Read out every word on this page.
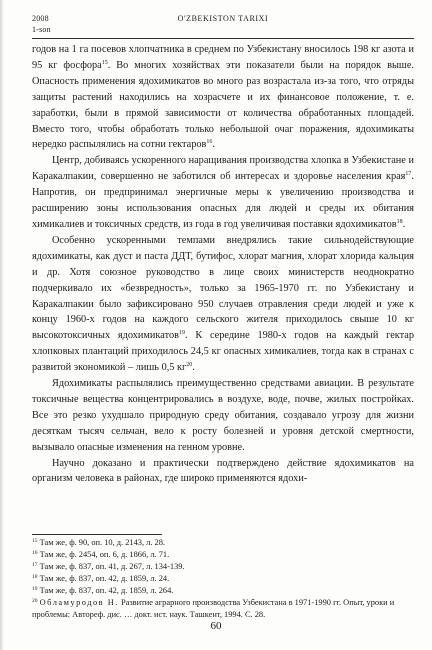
2008
1-son
O'ZBEKISTON TARIXI

годов на 1 га посевов хлопчатника в среднем по Узбекистану вносилось 198 кг азота и 95 кг фосфора$^{15}$. Во многих хозяйствах эти показатели были на порядок выше. Опасность применения ядохимикатов во много раз возрастала из-за того, что отряды защиты растений находились на хозрасчете и их финансовое положение, т. е. заработки, были в прямой зависимости от количества обработанных площадей. Вместо того, чтобы обработать только небольшой очаг поражения, ядохимикаты нередко распылялись на сотни гектаров$^{16}$.

Центр, добиваясь ускоренного наращивания производства хлопка в Узбекистане и Каракалпакии, совершенно не заботился об интересах и здоровье населения края$^{17}$. Напротив, он предпринимал энергичные меры к увеличению производства и расширению зоны использования опасных для людей и среды их обитания химикалиев и токсичных средств, из года в год увеличивая поставки ядохимикатов$^{18}$.

Особенно ускоренными темпами внедрялись такие сильнодействующие ядохимикаты, как дуст и паста ДДТ, бутифос, хлорат магния, хлорат хлорида кальция и др. Хотя союзное руководство в лице своих министерств неоднократно подчеркивало их «безвредность», только за 1965-1970 гг. по Узбекистану и Каракалпакии было зафиксировано 950 случаев отравления среди людей и уже к концу 1960-х годов на каждого сельского жителя приходилось свыше 10 кг высокотоксичных ядохимикатов$^{19}$. К середине 1980-х годов на каждый гектар хлопковых плантаций приходилось 24,5 кг опасных химикалиев, тогда как в странах с развитой экономикой – лишь 0,5 $кг^{20}$.

Ядохимикаты распылялись преимущественно средствами авиации. В результате токсичные вещества концентрировались в воздухе, воде, почве, жилых постройках. Все это резко ухудшало природную среду обитания, создавало угрозу для жизни десяткам тысяч сельчан, вело к росту болезней и уровня детской смертности, вызывало опасные изменения на генном уровне.

Научно доказано и практически подтверждено действие ядохимикатов на организм человека в районах, где широко применяются ядохи-

$^{15}$ Там же, ф. 90, оп. 10, д. 2143, л. 28.
$^{16}$ Там же, ф. 2454, оп. 6, д. 1866, л. 71.
$^{17}$ Там же, ф. 837, оп. 41, д. 267, л. 134-139.
$^{18}$ Там же, ф. 837, оп. 42, д. 1859, л. 24.
$^{19}$ Там же, ф. 837, оп. 42, д. 1859, л. 264.
$^{20}$ Обламуродов Н. Развитие аграрного производства Узбекистана в 1971-1990 гг. Опыт, уроки и проблемы: Автореф. дис. … докт. ист. наук. Ташкент, 1994. С. 28.
60
